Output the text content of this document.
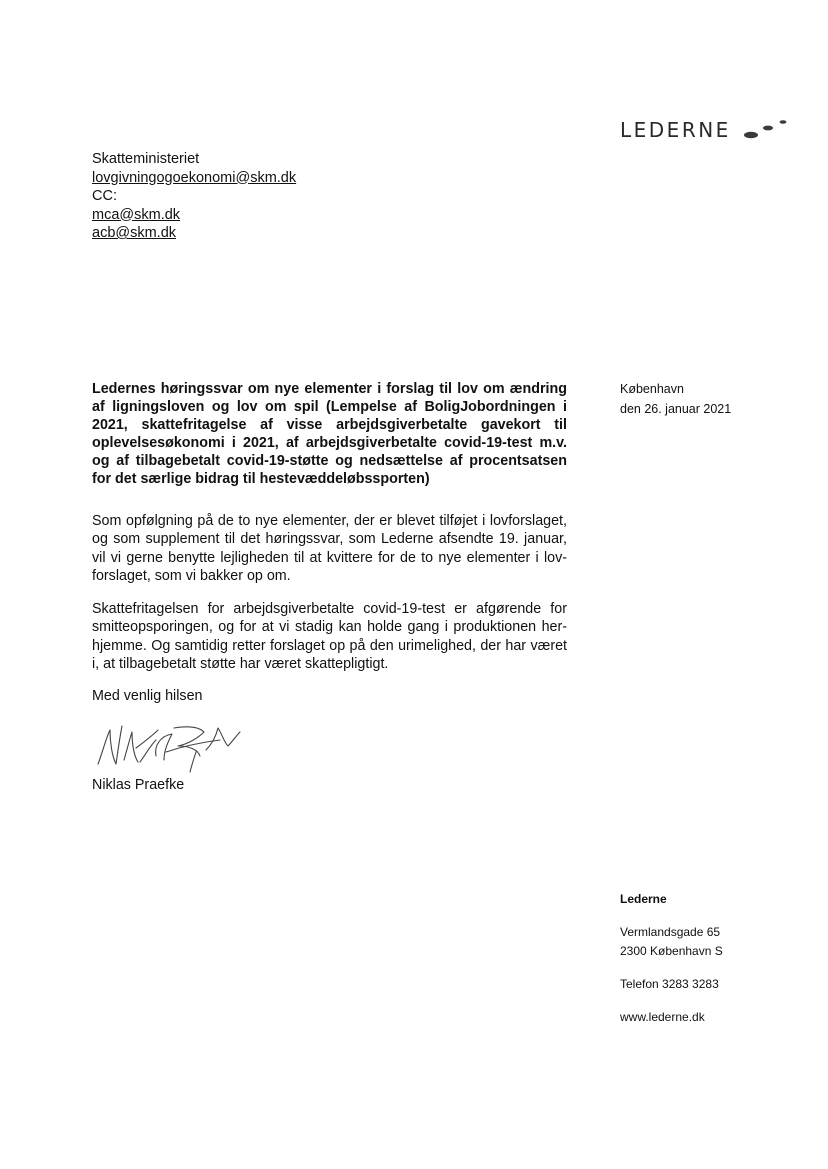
LEDERNE
Skatteministeriet
lovgivningogoekonomi@skm.dk
CC:
mca@skm.dk
acb@skm.dk
København
den 26. januar 2021
Ledernes høringssvar om nye elementer i forslag til lov om ændring af ligningsloven og lov om spil (Lempelse af BoligJobordningen i 2021, skattefritagelse af visse arbejdsgiverbetalte gavekort til oplevelsesøkonomi i 2021, af arbejdsgiverbetalte covid-19-test m.v. og af tilbagebetalt covid-19-støtte og nedsættelse af procentsatsen for det særlige bidrag til hestevæddeløbssporten)
Som opfølgning på de to nye elementer, der er blevet tilføjet i lovforslaget, og som supplement til det høringssvar, som Lederne afsendte 19. januar, vil vi gerne benytte lejligheden til at kvittere for de to nye elementer i lovforslaget, som vi bakker op om.
Skattefritagelsen for arbejdsgiverbetalte covid-19-test er afgørende for smitteopsporingen, og for at vi stadig kan holde gang i produktionen herhjemme. Og samtidig retter forslaget op på den urimelighed, der har været i, at tilbagebetalt støtte har været skattepligtigt.
Med venlig hilsen
Niklas Praefke
Lederne
Vermlandsgade 65
2300 København S
Telefon 3283 3283
www.lederne.dk
